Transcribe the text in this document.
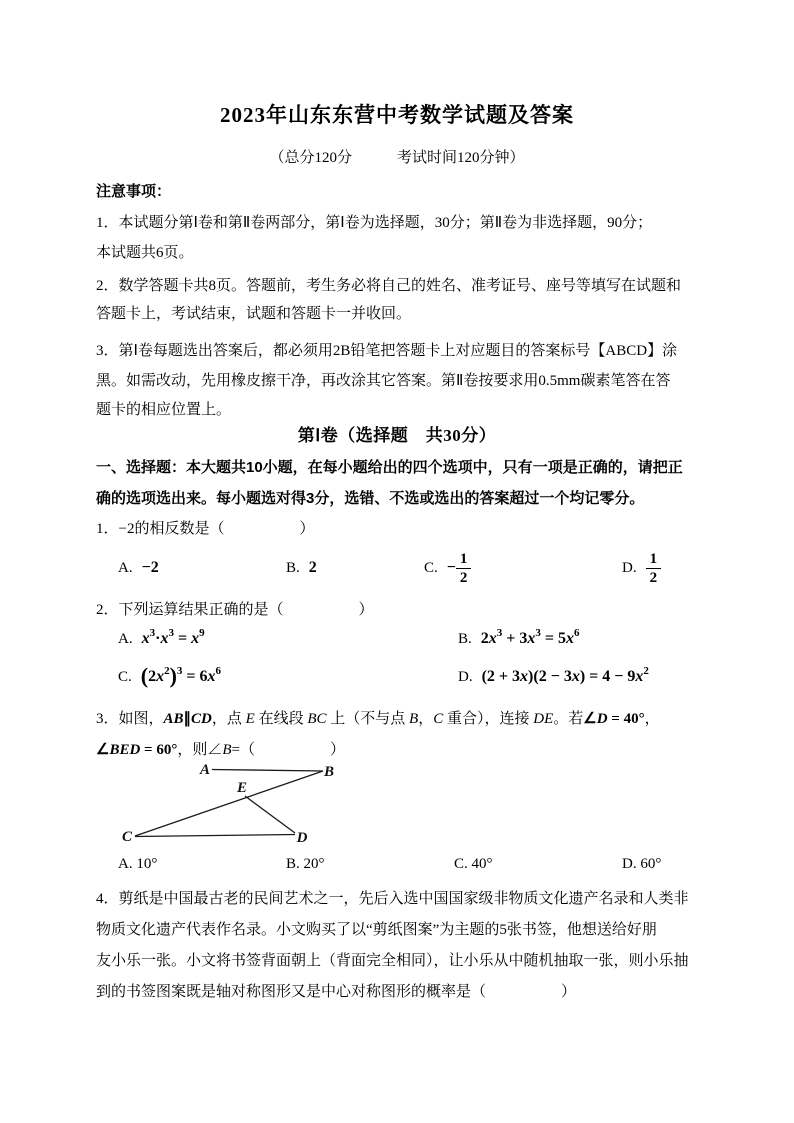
2023年山东东营中考数学试题及答案
（总分120分　　　考试时间120分钟）
注意事项：
1．本试题分第Ⅰ卷和第Ⅱ卷两部分，第Ⅰ卷为选择题，30分；第Ⅱ卷为非选择题，90分；
本试题共6页。
2．数学答题卡共8页。答题前，考生务必将自己的姓名、准考证号、座号等填写在试题和
答题卡上，考试结束，试题和答题卡一并收回。
3．第Ⅰ卷每题选出答案后，都必须用2B铅笔把答题卡上对应题目的答案标号【ABCD】涂
黑。如需改动，先用橡皮擦干净，再改涂其它答案。第Ⅱ卷按要求用0.5mm碳素笔答在答
题卡的相应位置上。
第Ⅰ卷（选择题　共30分）
一、选择题：本大题共10小题，在每小题给出的四个选项中，只有一项是正确的，请把正
确的选项选出来。每小题选对得3分，选错、不选或选出的答案超过一个均记零分。
1．−2的相反数是（　　　　　）
A. −2	B. 2	C. − $\frac{1}{2}$	D. $\frac{1}{2}$
2．下列运算结果正确的是（　　　　　）
A. $x^3\cdot x^3 = x^9$	B. $2x^3 + 3x^3 = 5x^6$
C. $(2x^2)^3 = 6x^6$	D. $(2 + 3x)(2 - 3x) = 4 - 9x^2$
3．如图，AB∥CD，点 E 在线段 BC 上（不与点 B，C 重合），连接 DE。若∠D = 40°，
∠BED = 60°，则∠B=（　　　　　）
A	B
E
C	D
A. 10°	B. 20°	C. 40°	D. 60°
4．剪纸是中国最古老的民间艺术之一，先后入选中国国家级非物质文化遗产名录和人类非
物质文化遗产代表作名录。小文购买了以“剪纸图案”为主题的5张书签，他想送给好朋
友小乐一张。小文将书签背面朝上（背面完全相同），让小乐从中随机抽取一张，则小乐抽
到的书签图案既是轴对称图形又是中心对称图形的概率是（　　　　　）
